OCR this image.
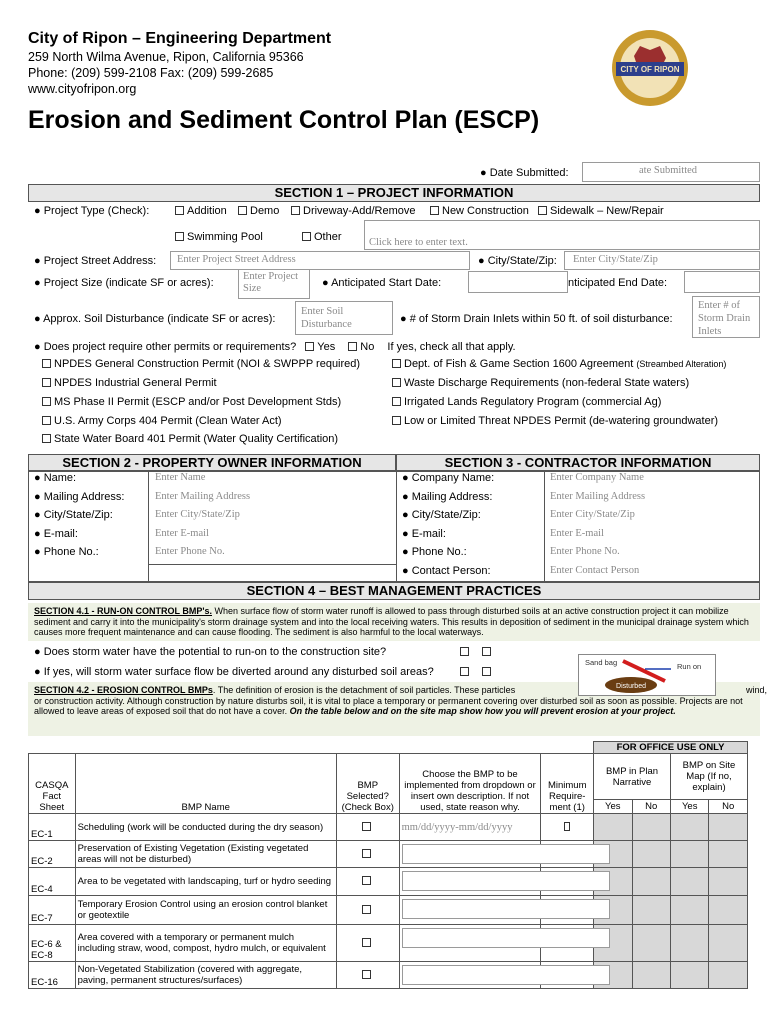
City of Ripon – Engineering Department
259 North Wilma Avenue, Ripon, California 95366
Phone: (209) 599-2108 Fax: (209) 599-2685
www.cityofripon.org
Erosion and Sediment Control Plan (ESCP)
CITY OF RIPON
● Date Submitted:	ate Submitted
SECTION 1 – PROJECT INFORMATION
● Project Type (Check):	Addition	Demo	Driveway-Add/Remove	New Construction	Sidewalk – New/Repair
Swimming Pool	Other	Click here to enter text.
● Project Street Address: Enter Project Street Address	● City/State/Zip: Enter City/State/Zip
● Project Size (indicate SF or acres):
Enter Project Size	● Anticipated Start Date:	nticipated End Date:
● Approx. Soil Disturbance (indicate SF or acres):
Enter Soil Disturbance	● # of Storm Drain Inlets within 50 ft. of soil disturbance:
Enter # of Storm Drain Inlets
● Does project require other permits or requirements? Yes No If yes, check all that apply.
NPDES General Construction Permit (NOI & SWPPP required)
NPDES Industrial General Permit
MS Phase II Permit (ESCP and/or Post Development Stds)
U.S. Army Corps 404 Permit (Clean Water Act)
State Water Board 401 Permit (Water Quality Certification)
Dept. of Fish & Game Section 1600 Agreement (Streambed Alteration)
Waste Discharge Requirements (non-federal State waters)
Irrigated Lands Regulatory Program (commercial Ag)
Low or Limited Threat NPDES Permit (de-watering groundwater)
SECTION 2 - PROPERTY OWNER INFORMATION	SECTION 3 - CONTRACTOR INFORMATION
● Name:	Enter Name
● Mailing Address:	Enter Mailing Address
● City/State/Zip:	Enter City/State/Zip
● E-mail:	Enter E-mail
● Phone No.:	Enter Phone No.
● Company Name:	Enter Company Name
● Mailing Address:	Enter Mailing Address
● City/State/Zip:	Enter City/State/Zip
● E-mail:	Enter E-mail
● Phone No.:	Enter Phone No.
● Contact Person:	Enter Contact Person
SECTION 4 – BEST MANAGEMENT PRACTICES
SECTION 4.1 - RUN-ON CONTROL BMP's. When surface flow of storm water runoff is allowed to pass through disturbed soils at an active construction project it can mobilize sediment and carry it into the municipality's storm drainage system and into the local receiving waters. This results in deposition of sediment in the municipal drainage system which causes more frequent maintenance and can cause flooding. The sediment is also harmful to the local waterways.
● Does storm water have the potential to run-on to the construction site?
● If yes, will storm water surface flow be diverted around any disturbed soil areas?
SECTION 4.2 - EROSION CONTROL BMPs. The definition of erosion is the detachment of soil particles. These particles	wind,

or construction activity. Although construction by nature disturbs soil, it is vital to place a temporary or permanent covering over disturbed soil as soon as possible. Projects are not allowed to leave areas of exposed soil that do not have a cover. On the table below and on the site map show how you will prevent erosion at your project.
Sand bag	Run on
Disturbed
					FOR OFFICE USE ONLY			
CASQA Fact Sheet	BMP Name	BMP Selected? (Check Box)	Choose the BMP to be implemented from dropdown or insert own description. If not used, state reason why.	Minimum Require-ment (1)	BMP in Plan Narrative		BMP on Site Map (If no, explain)	
					Yes	No	Yes	No
EC-1	Scheduling (work will be conducted during the dry season)		mm/dd/yyyy-mm/dd/yyyy					
EC-2	Preservation of Existing Vegetation (Existing vegetated areas will not be disturbed)		

EC-4	Area to be vegetated with landscaping, turf or hydro seeding		

EC-7	Temporary Erosion Control using an erosion control blanket or geotextile		

EC-6 & EC-8	Area covered with a temporary or permanent mulch including straw, wood, compost, hydro mulch, or equivalent		

EC-16	Non-Vegetated Stabilization (covered with aggregate, paving, permanent structures/surfaces)		
